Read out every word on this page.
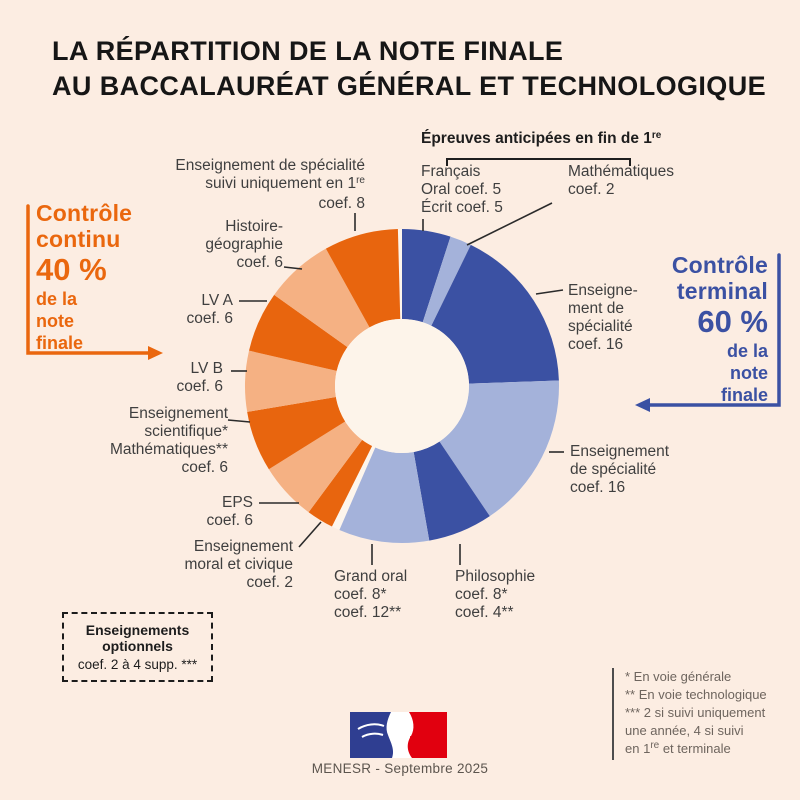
LA RÉPARTITION DE LA NOTE FINALE
AU BACCALAURÉAT GÉNÉRAL ET TECHNOLOGIQUE
Épreuves anticipées en fin de 1re
Français
Oral coef. 5
Écrit coef. 5
Mathématiques
coef. 2
Enseignement de spécialité
suivi uniquement en 1re
coef. 8
Histoire-
géographie
coef. 6
LV A
coef. 6
LV B
coef. 6
Enseignement
scientifique*
Mathématiques**
coef. 6
EPS
coef. 6
Enseignement
moral et civique
coef. 2	Grand oral
coef. 8*
coef. 12**
Philosophie
coef. 8*
coef. 4**
Enseigne-
ment de
spécialité
coef. 16
Enseignement
de spécialité
coef. 16
Contrôle
continu
40 %
de la
note
finale
Contrôle
terminal
60 %
de la
note
finale
Enseignements
optionnels
coef. 2 à 4 supp. ***
* En voie générale
** En voie technologique
*** 2 si suivi uniquement
une année, 4 si suivi
en 1re et terminale
MENESR - Septembre 2025
